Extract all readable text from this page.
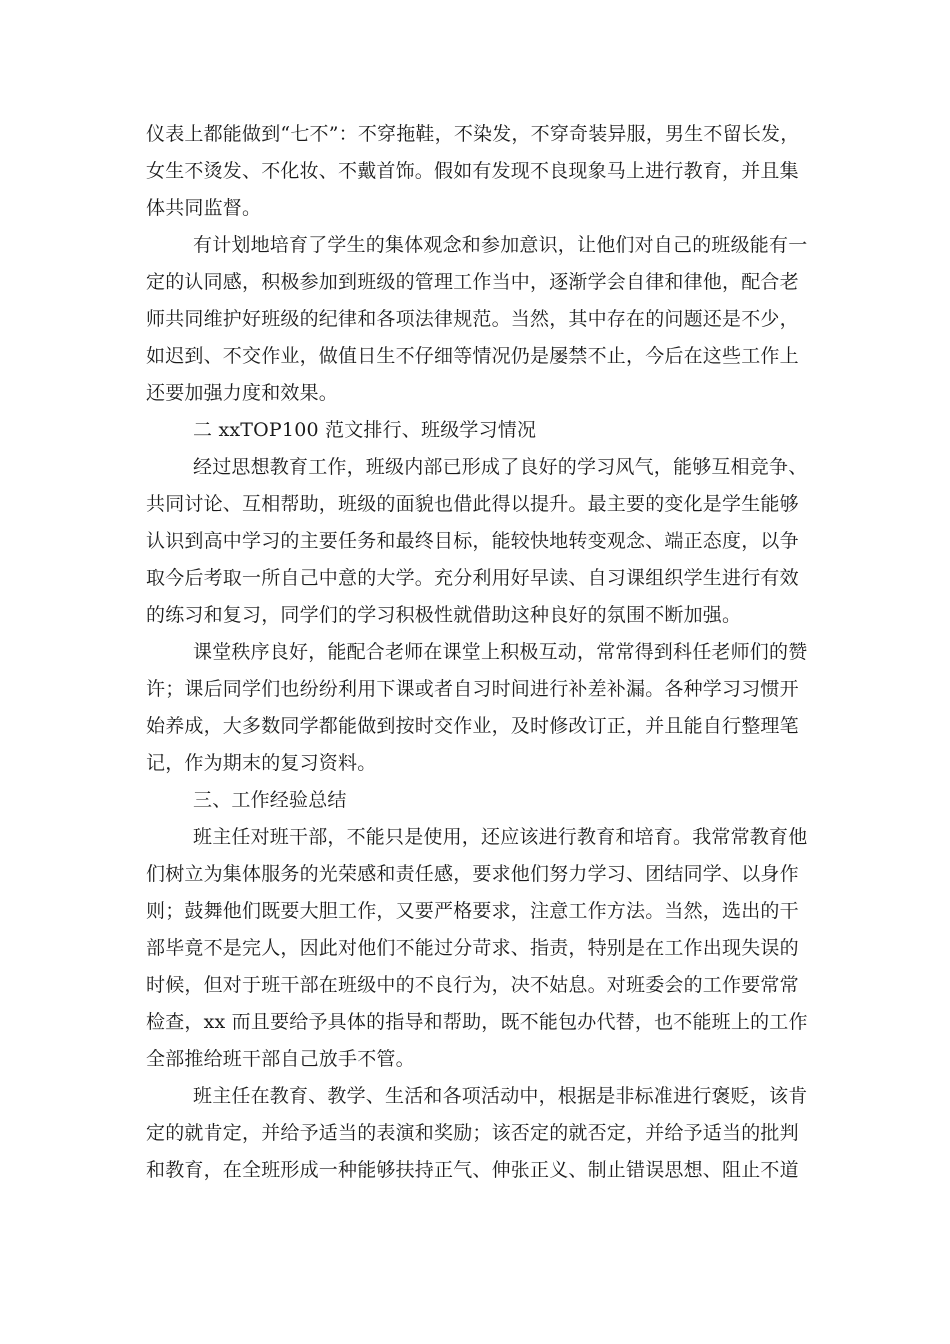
仪表上都能做到“七不”：不穿拖鞋，不染发，不穿奇装异服，男生不留长发，
女生不烫发、不化妆、不戴首饰。假如有发现不良现象马上进行教育，并且集
体共同监督。
有计划地培育了学生的集体观念和参加意识，让他们对自己的班级能有一
定的认同感，积极参加到班级的管理工作当中，逐渐学会自律和律他，配合老
师共同维护好班级的纪律和各项法律规范。当然，其中存在的问题还是不少，
如迟到、不交作业，做值日生不仔细等情况仍是屡禁不止，今后在这些工作上
还要加强力度和效果。
二 xxTOP100 范文排行、班级学习情况
经过思想教育工作，班级内部已形成了良好的学习风气，能够互相竞争、
共同讨论、互相帮助，班级的面貌也借此得以提升。最主要的变化是学生能够
认识到高中学习的主要任务和最终目标，能较快地转变观念、端正态度，以争
取今后考取一所自己中意的大学。充分利用好早读、自习课组织学生进行有效
的练习和复习，同学们的学习积极性就借助这种良好的氛围不断加强。
课堂秩序良好，能配合老师在课堂上积极互动，常常得到科任老师们的赞
许；课后同学们也纷纷利用下课或者自习时间进行补差补漏。各种学习习惯开
始养成，大多数同学都能做到按时交作业，及时修改订正，并且能自行整理笔
记，作为期末的复习资料。
三、工作经验总结
班主任对班干部，不能只是使用，还应该进行教育和培育。我常常教育他
们树立为集体服务的光荣感和责任感，要求他们努力学习、团结同学、以身作
则；鼓舞他们既要大胆工作，又要严格要求，注意工作方法。当然，选出的干
部毕竟不是完人，因此对他们不能过分苛求、指责，特别是在工作出现失误的
时候，但对于班干部在班级中的不良行为，决不姑息。对班委会的工作要常常
检查，xx 而且要给予具体的指导和帮助，既不能包办代替，也不能班上的工作
全部推给班干部自己放手不管。
班主任在教育、教学、生活和各项活动中，根据是非标准进行褒贬，该肯
定的就肯定，并给予适当的表演和奖励；该否定的就否定，并给予适当的批判
和教育，在全班形成一种能够扶持正气、伸张正义、制止错误思想、阻止不道
